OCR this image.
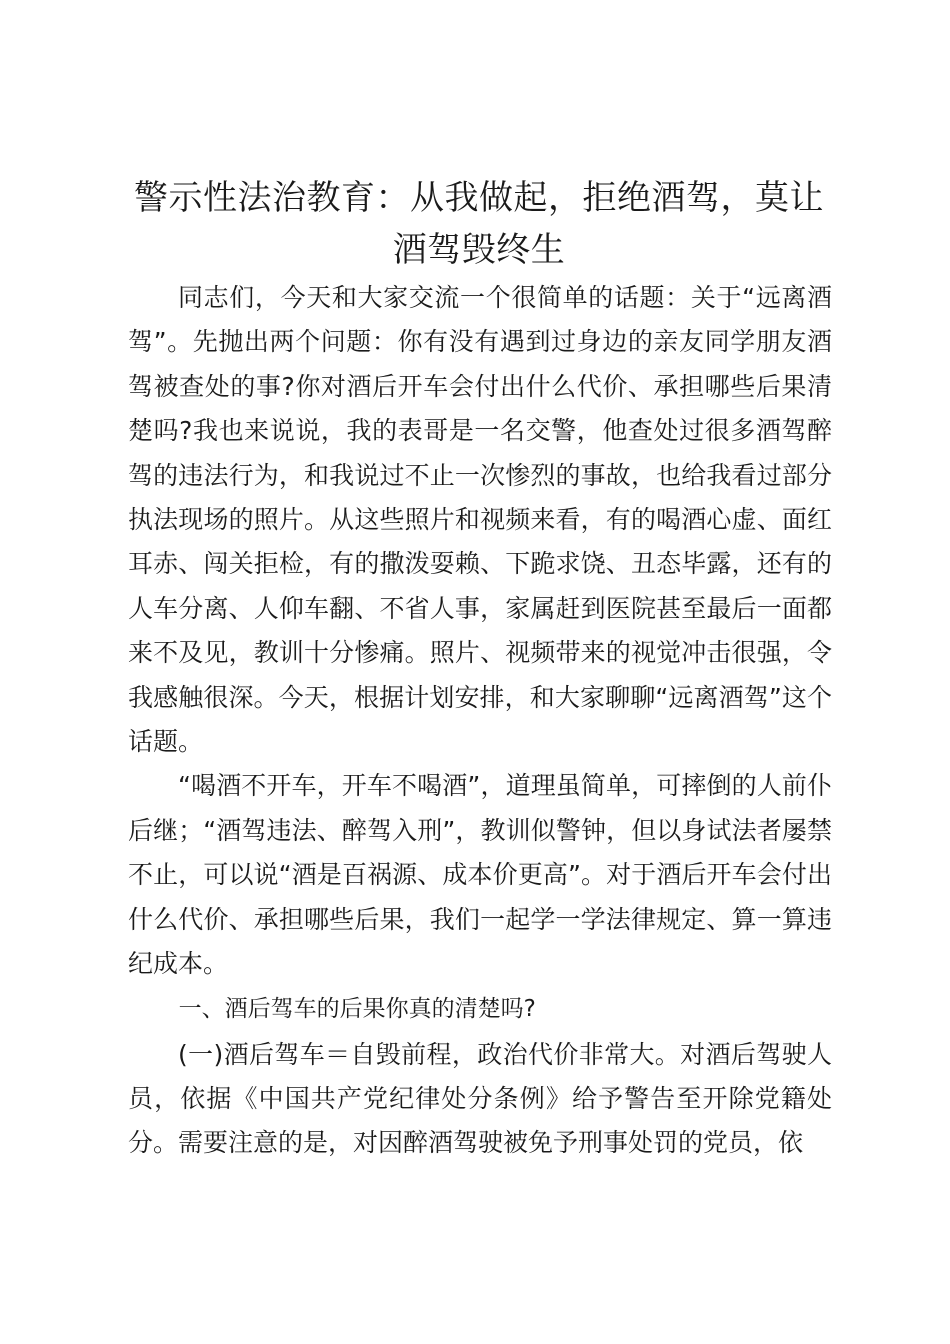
警示性法治教育：从我做起，拒绝酒驾，莫让酒驾毁终生

同志们，今天和大家交流一个很简单的话题：关于“远离酒驾”。先抛出两个问题：你有没有遇到过身边的亲友同学朋友酒驾被查处的事?你对酒后开车会付出什么代价、承担哪些后果清楚吗?我也来说说，我的表哥是一名交警，他查处过很多酒驾醉驾的违法行为，和我说过不止一次惨烈的事故，也给我看过部分执法现场的照片。从这些照片和视频来看，有的喝酒心虚、面红耳赤、闯关拒检，有的撒泼耍赖、下跪求饶、丑态毕露，还有的人车分离、人仰车翻、不省人事，家属赶到医院甚至最后一面都来不及见，教训十分惨痛。照片、视频带来的视觉冲击很强，令我感触很深。今天，根据计划安排，和大家聊聊“远离酒驾”这个话题。

“喝酒不开车，开车不喝酒”，道理虽简单，可摔倒的人前仆后继；“酒驾违法、醉驾入刑”，教训似警钟，但以身试法者屡禁不止，可以说“酒是百祸源、成本价更高”。对于酒后开车会付出什么代价、承担哪些后果，我们一起学一学法律规定、算一算违纪成本。

一、酒后驾车的后果你真的清楚吗?

(一)酒后驾车＝自毁前程，政治代价非常大。对酒后驾驶人员，依据《中国共产党纪律处分条例》给予警告至开除党籍处分。需要注意的是，对因醉酒驾驶被免予刑事处罚的党员，依
